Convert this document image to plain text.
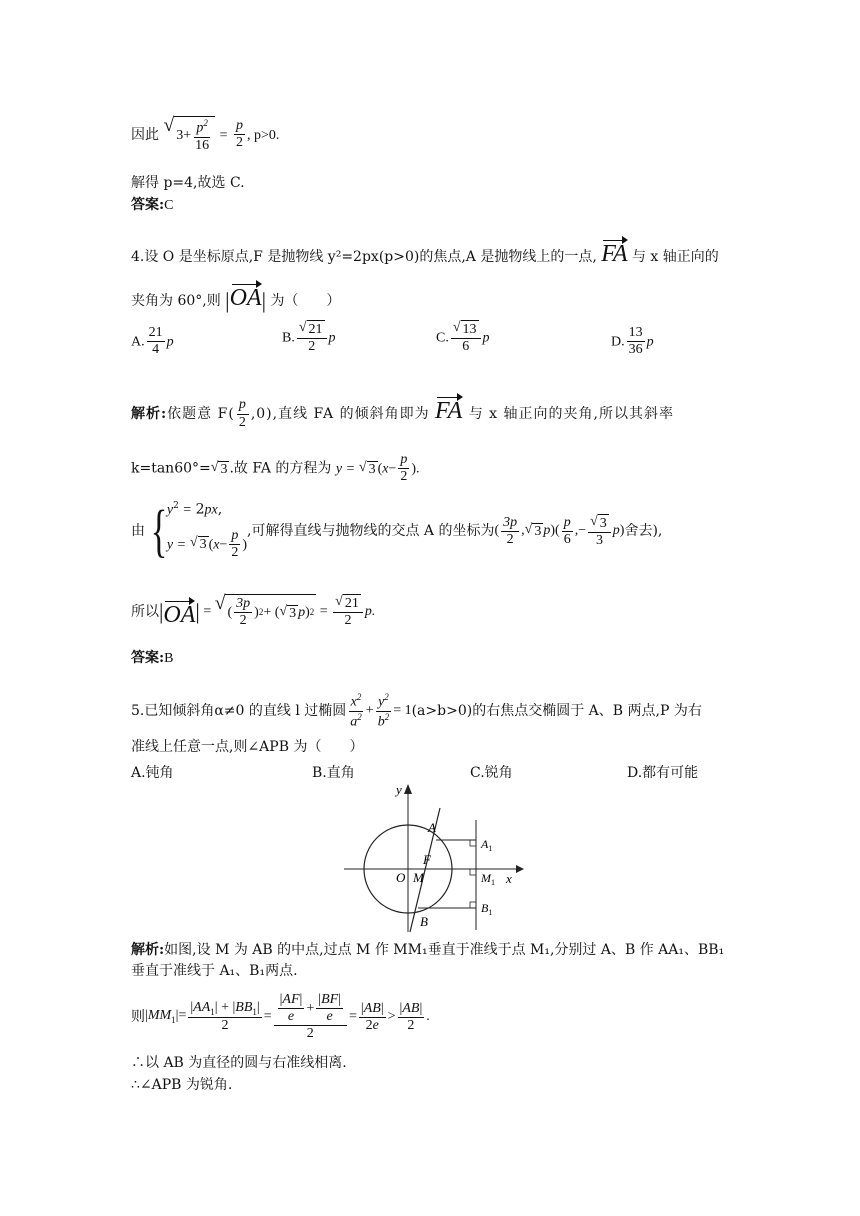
因此 √ $3+ \frac{p^2}{16} = \frac{p}{2}$ , p>0.
解得 p=4,故选 C.
答案:C
4.设 O 是坐标原点,F 是抛物线 y²=2px(p>0)的焦点,A 是抛物线上的一点, FA 与 x 轴正向的
夹角为 60°,则 |OA| 为（　　）
A. $\frac{21}{4}$ p	B. $\frac{√ 21}{2}$ p	C. $\frac{√ 13}{6}$ p	D. $\frac{13}{36}$ p
解析:依题意 $F( \frac{p}{2} ,0)$,直线 FA 的倾斜角即为 FA 与 x 轴正向的夹角,所以其斜率
k=tan60°= √ 3 .故 FA 的方程为 y = √ 3 ($x- \frac{p}{2}$ ).
由 { $y^2 = 2px$,
y = √ 3 ($x- \frac{p}{2}$ )
,可解得直线与抛物线的交点 A 的坐标为 ( $\frac{3p}{2}$ , √ 3 p )( $\frac{p}{6}$ ,− $\frac{√ 3}{3}$ p ) 舍去),
所以 | OA | = √ ( $\frac{3p}{2}$ ) 2 + ( √ 3 p ) $2 = \frac{√ 21}{2} p$.
答案:B
5.已知倾斜角α≠0 的直线 l 过椭圆 $\frac{x^2}{a^2} + \frac{y^2}{b^2} = 1$ (a>b>0)的右焦点交椭圆于 A、B 两点,P 为右
准线上任意一点,则∠APB 为（　　）
A.钝角	B.直角	C.锐角	D.都有可能
y
x
O M
F
A
B
$A_1$
$M_1$
$B_1$
解析:如图,设 M 为 AB 的中点,过点 M 作 MM₁垂直于准线于点 M₁,分别过 A、B 作 AA₁、BB₁
垂直于准线于 A₁、B₁两点.
则 $|MM_1|= \frac{|AA_1| + |BB_1|}{2} = \frac{\frac{|AF|}{e} + \frac{|BF|}{e}}{2} = \frac{|AB|}{2e} > \frac{|AB|}{2}$ .
∴以 AB 为直径的圆与右准线相离.
∴∠APB 为锐角.
